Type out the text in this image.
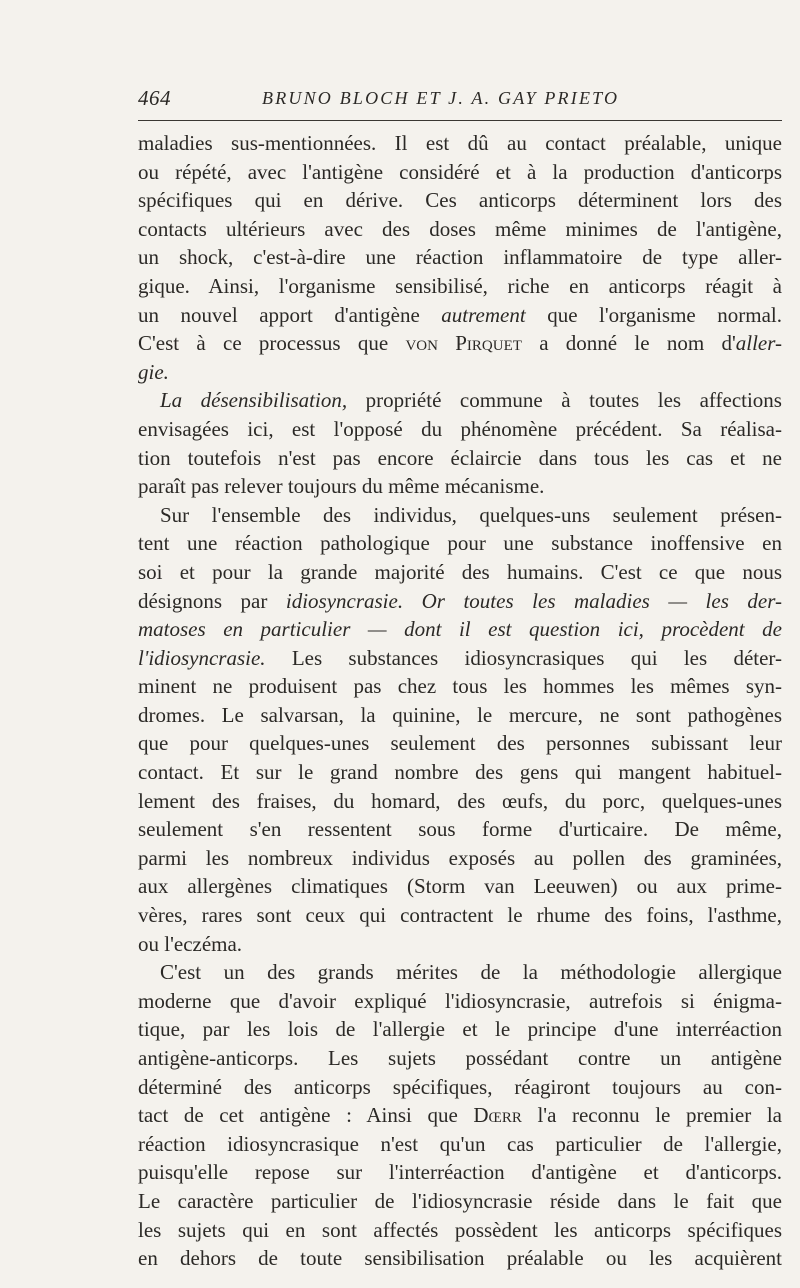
464	BRUNO BLOCH ET J. A. GAY PRIETO
maladies sus-mentionnées. Il est dû au contact préalable, unique
ou répété, avec l'antigène considéré et à la production d'anticorps
spécifiques qui en dérive. Ces anticorps déterminent lors des
contacts ultérieurs avec des doses même minimes de l'antigène,
un shock, c'est-à-dire une réaction inflammatoire de type aller-
gique. Ainsi, l'organisme sensibilisé, riche en anticorps réagit à
un nouvel apport d'antigène autrement que l'organisme normal.
C'est à ce processus que von Pirquet a donné le nom d'aller-
gie.
La désensibilisation, propriété commune à toutes les affections
envisagées ici, est l'opposé du phénomène précédent. Sa réalisa-
tion toutefois n'est pas encore éclaircie dans tous les cas et ne
paraît pas relever toujours du même mécanisme.
Sur l'ensemble des individus, quelques-uns seulement présen-
tent une réaction pathologique pour une substance inoffensive en
soi et pour la grande majorité des humains. C'est ce que nous
désignons par idiosyncrasie. Or toutes les maladies — les der-
matoses en particulier — dont il est question ici, procèdent de
l'idiosyncrasie. Les substances idiosyncrasiques qui les déter-
minent ne produisent pas chez tous les hommes les mêmes syn-
dromes. Le salvarsan, la quinine, le mercure, ne sont pathogènes
que pour quelques-unes seulement des personnes subissant leur
contact. Et sur le grand nombre des gens qui mangent habituel-
lement des fraises, du homard, des œufs, du porc, quelques-unes
seulement s'en ressentent sous forme d'urticaire. De même,
parmi les nombreux individus exposés au pollen des graminées,
aux allergènes climatiques (Storm van Leeuwen) ou aux prime-
vères, rares sont ceux qui contractent le rhume des foins, l'asthme,
ou l'eczéma.
C'est un des grands mérites de la méthodologie allergique
moderne que d'avoir expliqué l'idiosyncrasie, autrefois si énigma-
tique, par les lois de l'allergie et le principe d'une interréaction
antigène-anticorps. Les sujets possédant contre un antigène
déterminé des anticorps spécifiques, réagiront toujours au con-
tact de cet antigène : Ainsi que Dœrr l'a reconnu le premier la
réaction idiosyncrasique n'est qu'un cas particulier de l'allergie,
puisqu'elle repose sur l'interréaction d'antigène et d'anticorps.
Le caractère particulier de l'idiosyncrasie réside dans le fait que
les sujets qui en sont affectés possèdent les anticorps spécifiques
en dehors de toute sensibilisation préalable ou les acquièrent
